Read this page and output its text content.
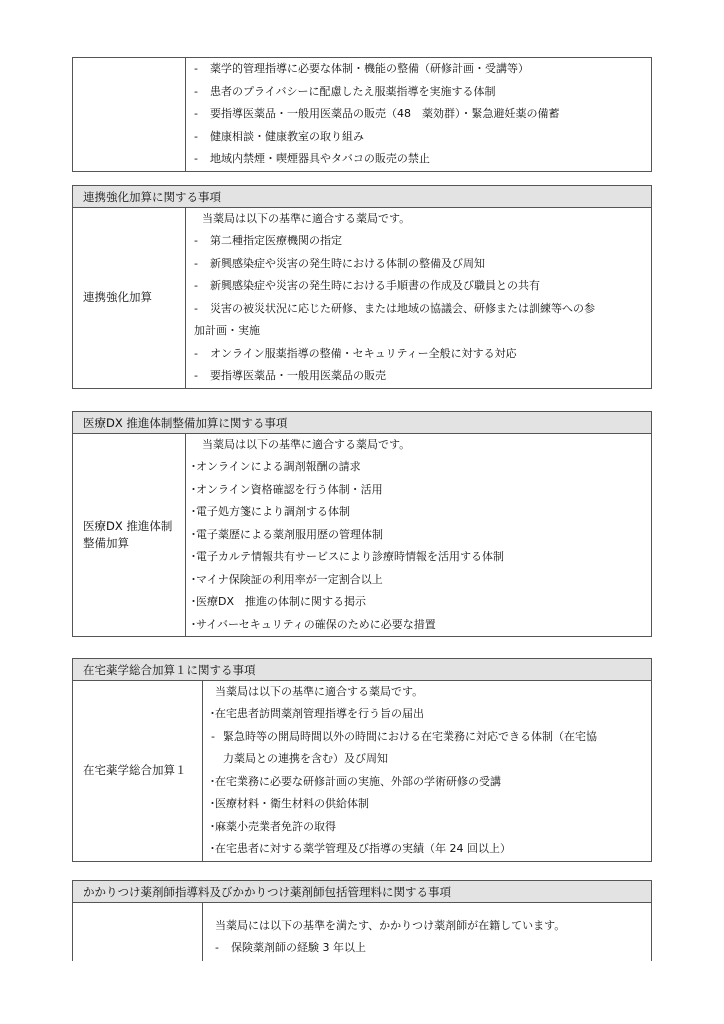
- 薬学的管理指導に必要な体制・機能の整備（研修計画・受講等）
- 患者のプライバシーに配慮したえ服薬指導を実施する体制
- 要指導医薬品・一般用医薬品の販売（48　薬効群）・緊急避妊薬の備蓄
- 健康相談・健康教室の取り組み
- 地域内禁煙・喫煙器具やタバコの販売の禁止
連携強化加算に関する事項
連携強化加算
当薬局は以下の基準に適合する薬局です。
- 第二種指定医療機関の指定
- 新興感染症や災害の発生時における体制の整備及び周知
- 新興感染症や災害の発生時における手順書の作成及び職員との共有
- 災害の被災状況に応じた研修、または地域の協議会、研修または訓練等への参
加計画・実施
- オンライン服薬指導の整備・セキュリティー全般に対する対応
- 要指導医薬品・一般用医薬品の販売
医療DX 推進体制整備加算に関する事項
医療DX 推進体制
整備加算
当薬局は以下の基準に適合する薬局です。
・オンラインによる調剤報酬の請求
・オンライン資格確認を行う体制・活用
・電子処方箋により調剤する体制
・電子薬歴による薬剤服用歴の管理体制
・電子カルテ情報共有サービスにより診療時情報を活用する体制
・マイナ保険証の利用率が一定割合以上
・医療DX　推進の体制に関する掲示
・サイバーセキュリティの確保のために必要な措置
在宅薬学総合加算１に関する事項
在宅薬学総合加算１
当薬局は以下の基準に適合する薬局です。
・在宅患者訪問薬剤管理指導を行う旨の届出
- 緊急時等の開局時間以外の時間における在宅業務に対応できる体制（在宅協
力薬局との連携を含む）及び周知
・在宅業務に必要な研修計画の実施、外部の学術研修の受講
・医療材料・衛生材料の供給体制
・麻薬小売業者免許の取得
・在宅患者に対する薬学管理及び指導の実績（年 24 回以上）
かかりつけ薬剤師指導料及びかかりつけ薬剤師包括管理料に関する事項
当薬局には以下の基準を満たす、かかりつけ薬剤師が在籍しています。
- 保険薬剤師の経験 3 年以上
